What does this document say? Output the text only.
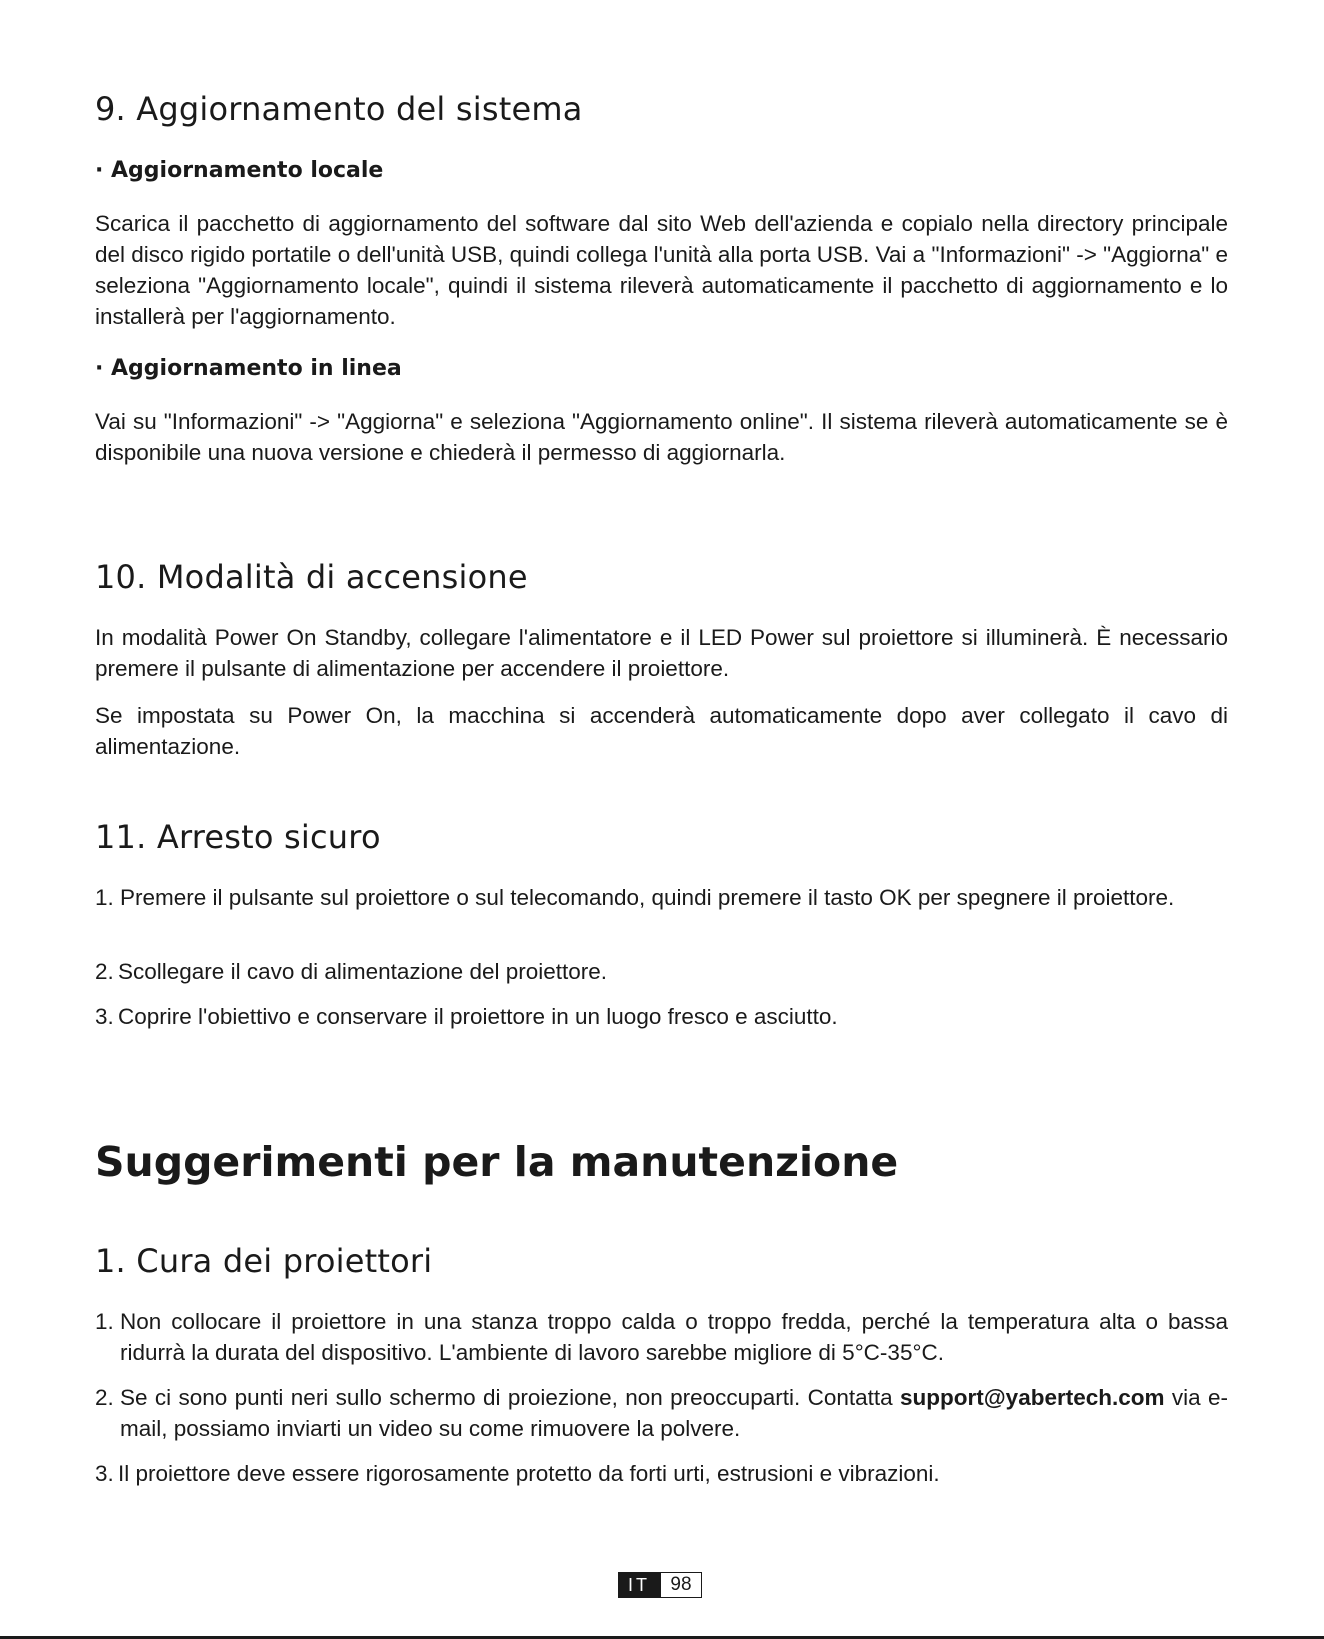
9. Aggiornamento del sistema
· Aggiornamento locale

Scarica il pacchetto di aggiornamento del software dal sito Web dell'azienda e copialo nella directory principale del disco rigido portatile o dell'unità USB, quindi collega l'unità alla porta USB. Vai a "Informazioni" -> "Aggiorna" e seleziona "Aggiornamento locale", quindi il sistema rileverà automaticamente il pacchetto di aggiornamento e lo installerà per l'aggiornamento.

· Aggiornamento in linea

Vai su "Informazioni" -> "Aggiorna" e seleziona "Aggiornamento online". Il sistema rileverà automaticamente se è disponibile una nuova versione e chiederà il permesso di aggiornarla.

10. Modalità di accensione

In modalità Power On Standby, collegare l'alimentatore e il LED Power sul proiettore si illuminerà. È necessario premere il pulsante di alimentazione per accendere il proiettore.

Se impostata su Power On, la macchina si accenderà automaticamente dopo aver collegato il cavo di alimentazione.

11. Arresto sicuro
1. Premere il pulsante sul proiettore o sul telecomando, quindi premere il tasto OK per spegnere il proiettore.
2. Scollegare il cavo di alimentazione del proiettore.
3. Coprire l'obiettivo e conservare il proiettore in un luogo fresco e asciutto.
Suggerimenti per la manutenzione
1. Cura dei proiettori
1. Non collocare il proiettore in una stanza troppo calda o troppo fredda, perché la temperatura alta o bassa ridurrà la durata del dispositivo. L'ambiente di lavoro sarebbe migliore di 5°C-35°C.
2. Se ci sono punti neri sullo schermo di proiezione, non preoccuparti. Contatta support@yabertech.com via e-mail, possiamo inviarti un video su come rimuovere la polvere.
3. Il proiettore deve essere rigorosamente protetto da forti urti, estrusioni e vibrazioni.
IT	98
